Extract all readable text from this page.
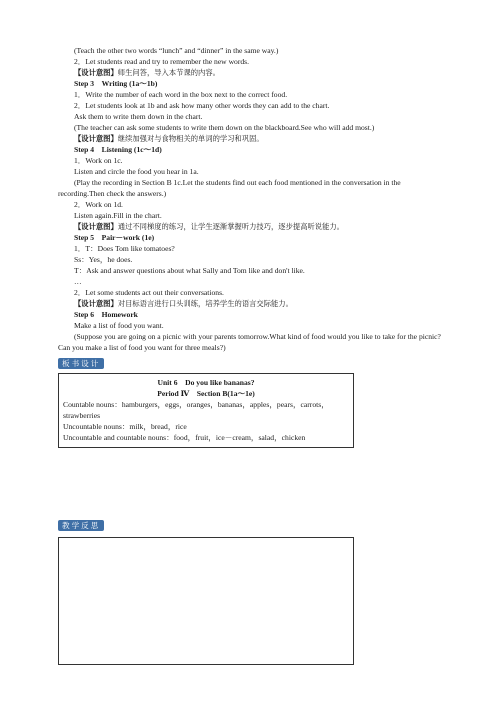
(Teach the other two words “lunch” and “dinner” in the same way.)
2．Let students read and try to remember the new words.
【设计意图】师生问答，导入本节课的内容。
Step 3　Writing (1a～1b)
1．Write the number of each word in the box next to the correct food.
2．Let students look at 1b and ask how many other words they can add to the chart.
Ask them to write them down in the chart.
(The teacher can ask some students to write them down on the blackboard.See who will add most.)
【设计意图】继续加强对与食物相关的单词的学习和巩固。
Step 4　Listening (1c～1d)
1．Work on 1c.
Listen and circle the food you hear in 1a.
(Play the recording in Section B 1c.Let the students find out each food mentioned in the conversation in the recording.Then check the answers.)
2．Work on 1d.
Listen again.Fill in the chart.
【设计意图】通过不同梯度的练习，让学生逐渐掌握听力技巧，逐步提高听说能力。
Step 5　Pair－work (1e)
1．T：Does Tom like tomatoes?
Ss：Yes，he does.
T：Ask and answer questions about what Sally and Tom like and don't like.
…
2．Let some students act out their conversations.
【设计意图】对目标语言进行口头训练，培养学生的语言交际能力。
Step 6　Homework
Make a list of food you want.
(Suppose you are going on a picnic with your parents tomorrow.What kind of food would you like to take for the picnic? Can you make a list of food you want for three meals?)
板书设计
Unit 6　Do you like bananas?
Period Ⅳ　Section B(1a～1e)
Countable nouns：hamburgers，eggs，oranges，bananas，apples，pears，carrots，strawberries
Uncountable nouns：milk，bread，rice
Uncountable and countable nouns：food，fruit，ice－cream，salad，chicken
教学反思
